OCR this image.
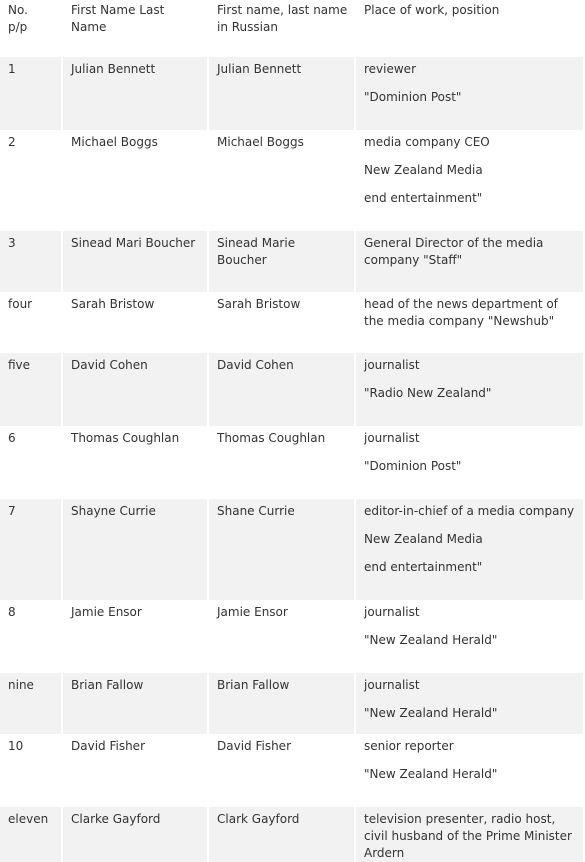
No. p/p	First Name Last Name	First name, last name in Russian	Place of work, position
1	Julian Bennett	Julian Bennett	reviewer
"Dominion Post"

2	Michael Boggs	Michael Boggs	media company CEO
New Zealand Media
end entertainment"

3	Sinead Mari Boucher	Sinead Marie Boucher	General Director of the media company "Staff"

four	Sarah Bristow	Sarah Bristow	head of the news department of the media company "Newshub"

five	David Cohen	David Cohen	journalist
"Radio New Zealand"

6	Thomas Coughlan	Thomas Coughlan	journalist
"Dominion Post"

7	Shayne Currie	Shane Currie	editor-in-chief of a media company
New Zealand Media
end entertainment"

8	Jamie Ensor	Jamie Ensor	journalist
"New Zealand Herald"

nine	Brian Fallow	Brian Fallow	journalist
"New Zealand Herald"

10	David Fisher	David Fisher	senior reporter
"New Zealand Herald"

eleven	Clarke Gayford	Clark Gayford	television presenter, radio host, civil husband of the Prime Minister Ardern
